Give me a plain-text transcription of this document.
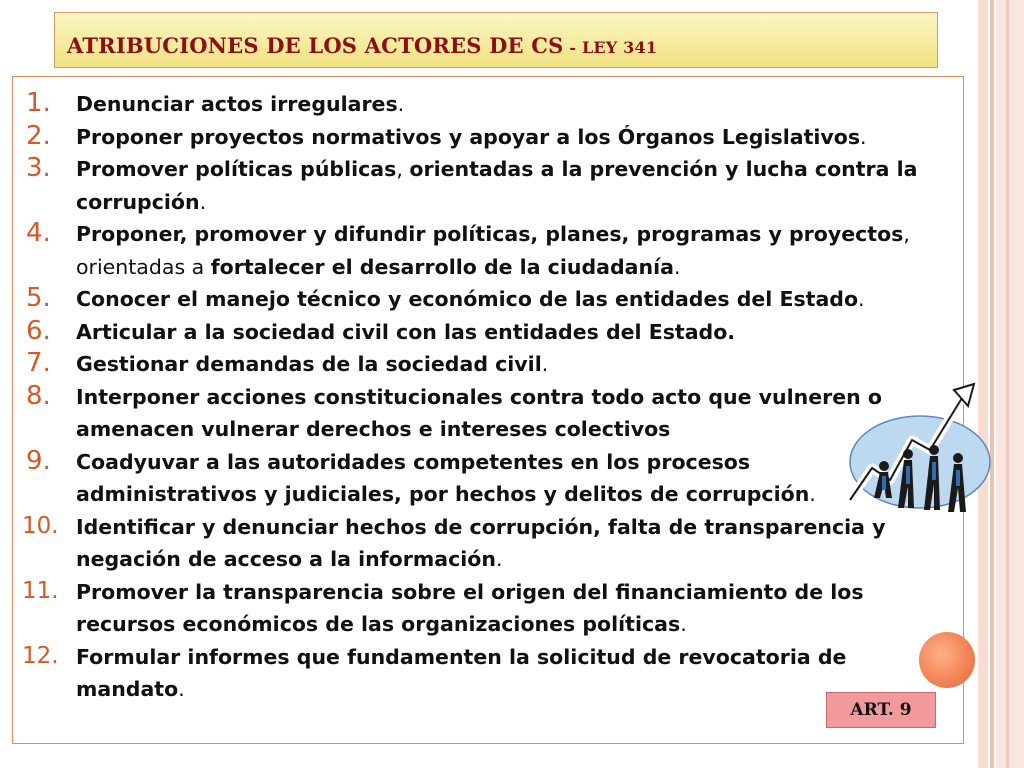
ATRIBUCIONES DE LOS ACTORES DE CS - LEY 341
1. Denunciar actos irregulares.
2. Proponer proyectos normativos y apoyar a los Órganos Legislativos.
3. Promover políticas públicas, orientadas a la prevención y lucha contra la corrupción.
4. Proponer, promover y difundir políticas, planes, programas y proyectos, orientadas a fortalecer el desarrollo de la ciudadanía.
5. Conocer el manejo técnico y económico de las entidades del Estado.
6. Articular a la sociedad civil con las entidades del Estado.
7. Gestionar demandas de la sociedad civil.
8. Interponer acciones constitucionales contra todo acto que vulneren o amenacen vulnerar derechos e intereses colectivos
9. Coadyuvar a las autoridades competentes en los procesos administrativos y judiciales, por hechos y delitos de corrupción.
10. Identificar y denunciar hechos de corrupción, falta de transparencia y negación de acceso a la información.
11. Promover la transparencia sobre el origen del financiamiento de los recursos económicos de las organizaciones políticas.
12. Formular informes que fundamenten la solicitud de revocatoria de mandato.
ART. 9
